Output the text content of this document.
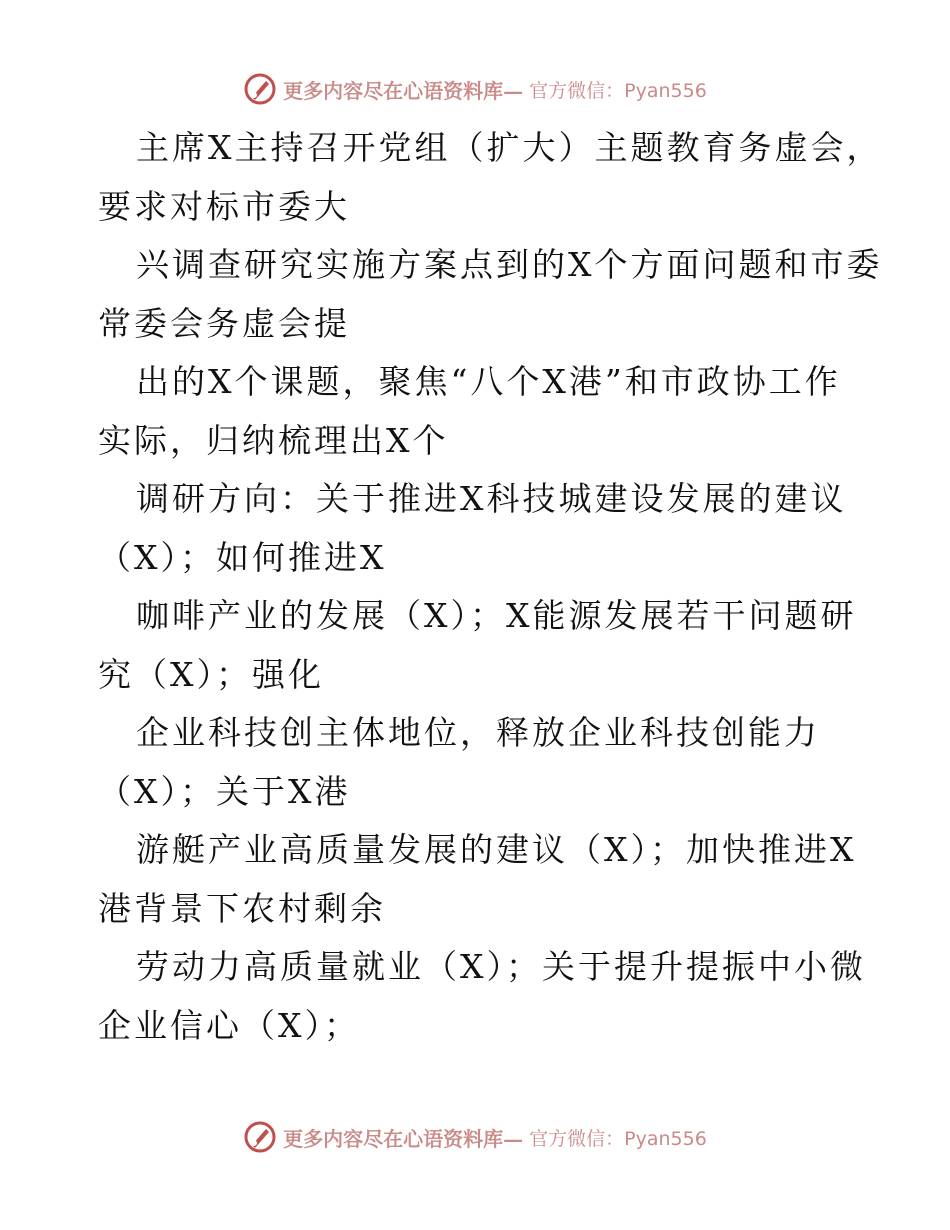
更多内容尽在心语资料库— 官方微信：Pyan556
主席X主持召开党组（扩大）主题教育务虚会，
要求对标市委大
兴调查研究实施方案点到的X个方面问题和市委
常委会务虚会提
出的X个课题，聚焦“八个X港”和市政协工作
实际，归纳梳理出X个
调研方向：关于推进X科技城建设发展的建议
（X）；如何推进X
咖啡产业的发展（X）；X能源发展若干问题研
究（X）；强化
企业科技创主体地位，释放企业科技创能力
（X）；关于X港
游艇产业高质量发展的建议（X）；加快推进X
港背景下农村剩余
劳动力高质量就业（X）；关于提升提振中小微
企业信心（X）；
更多内容尽在心语资料库— 官方微信：Pyan556
